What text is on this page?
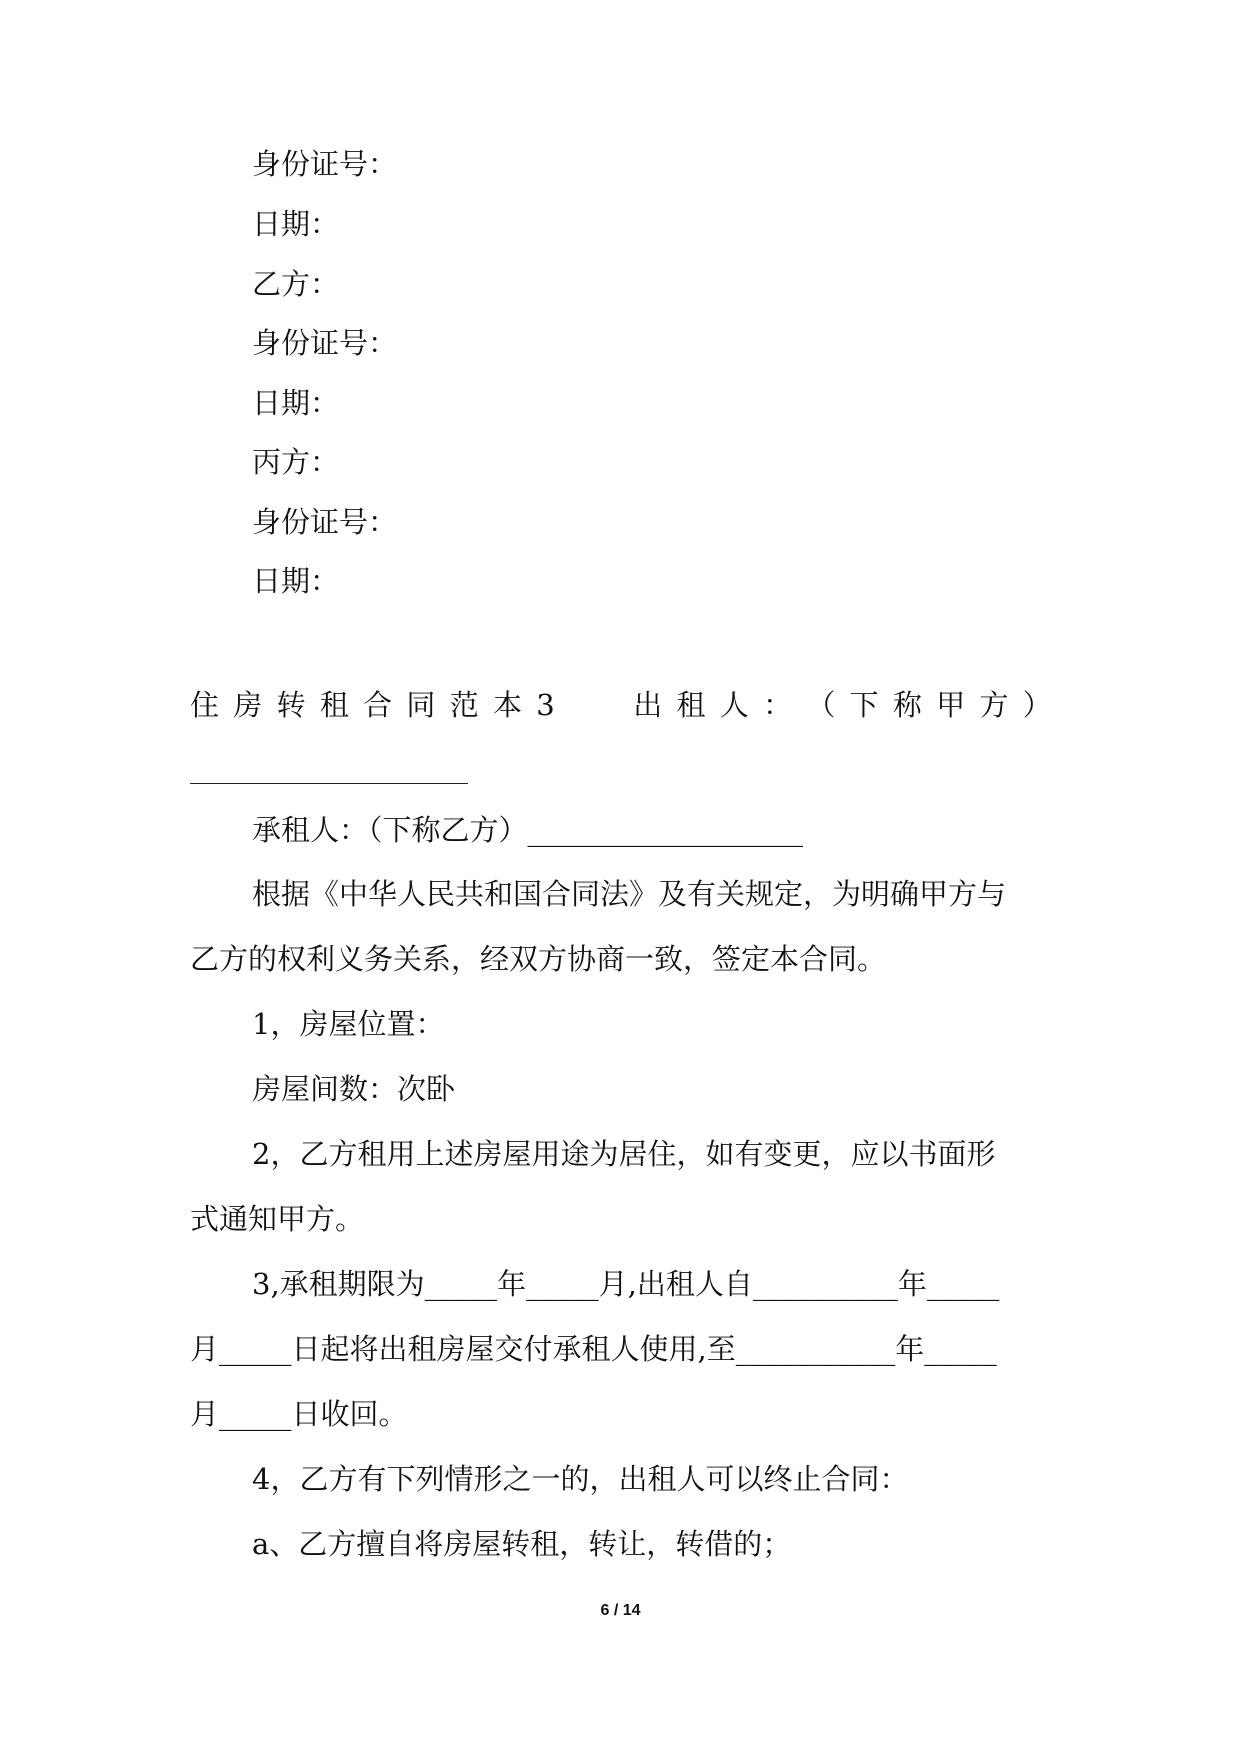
身份证号：

日期：

乙方：

身份证号：

日期：

丙方：

身份证号：

日期：

住 房 转 租 合 同 范 本 3	出 租 人 ： （ 下 称 甲 方 ）

承租人：（下称乙方）___________________

根据《中华人民共和国合同法》及有关规定，为明确甲方与

乙方的权利义务关系，经双方协商一致，签定本合同。

1，房屋位置：

房屋间数：次卧

2，乙方租用上述房屋用途为居住，如有变更，应以书面形

式通知甲方。

3,承租期限为_____年_____月,出租人自__________年_____

月_____日起将出租房屋交付承租人使用,至___________年_____

月_____日收回。

4，乙方有下列情形之一的，出租人可以终止合同：

a、乙方擅自将房屋转租，转让，转借的；

6 / 14
